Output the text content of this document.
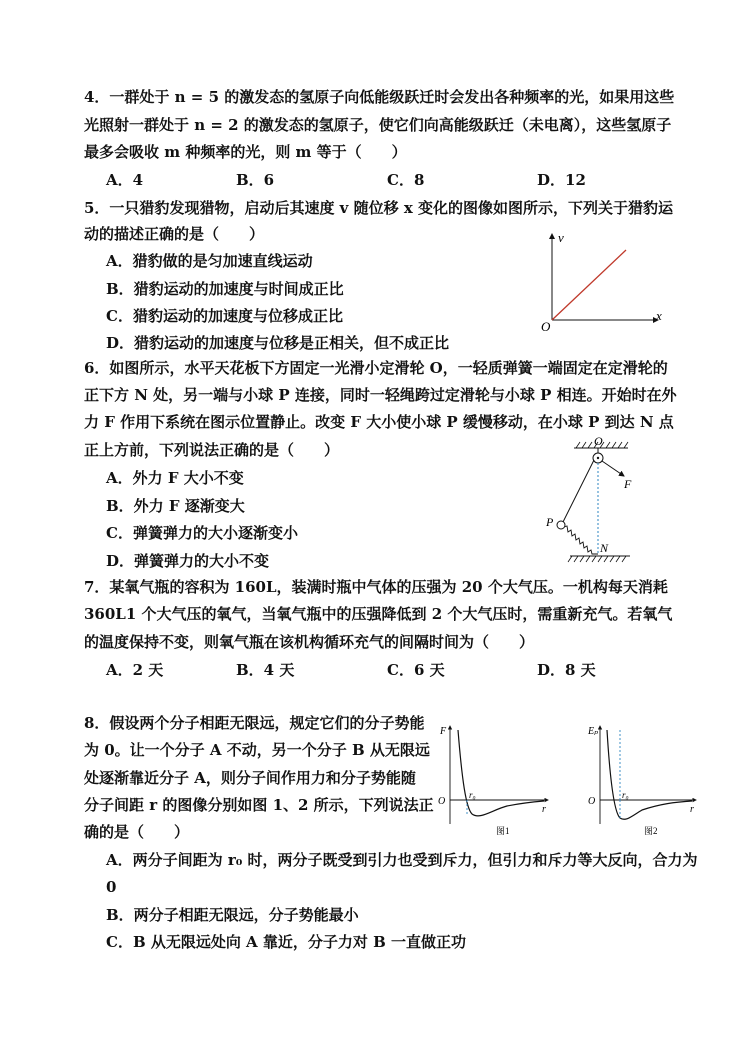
4．一群处于 n = 5 的激发态的氢原子向低能级跃迁时会发出各种频率的光，如果用这些
光照射一群处于 n = 2 的激发态的氢原子，使它们向高能级跃迁（未电离），这些氢原子
最多会吸收 m 种频率的光，则 m 等于（　　）
A．4	B．6	C．8	D．12
5．一只猎豹发现猎物，启动后其速度 v 随位移 x 变化的图像如图所示，下列关于猎豹运
动的描述正确的是（　　）
A．猎豹做的是匀加速直线运动
B．猎豹运动的加速度与时间成正比
C．猎豹运动的加速度与位移成正比
D．猎豹运动的加速度与位移是正相关，但不成正比
v
x
O
6．如图所示，水平天花板下方固定一光滑小定滑轮 O，一轻质弹簧一端固定在定滑轮的
正下方 N 处，另一端与小球 P 连接，同时一轻绳跨过定滑轮与小球 P 相连。开始时在外
力 F 作用下系统在图示位置静止。改变 F 大小使小球 P 缓慢移动，在小球 P 到达 N 点
正上方前，下列说法正确的是（　　）
A．外力 F 大小不变
B．外力 F 逐渐变大
C．弹簧弹力的大小逐渐变小
D．弹簧弹力的大小不变
O
F
P
N
7．某氧气瓶的容积为 160L，装满时瓶中气体的压强为 20 个大气压。一机构每天消耗
360L1 个大气压的氧气，当氧气瓶中的压强降低到 2 个大气压时，需重新充气。若氧气
的温度保持不变，则氧气瓶在该机构循环充气的间隔时间为（　　）
A．2 天	B．4 天	C．6 天	D．8 天
8．假设两个分子相距无限远，规定它们的分子势能
为 0。让一个分子 A 不动，另一个分子 B 从无限远
处逐渐靠近分子 A，则分子间作用力和分子势能随
分子间距 r 的图像分别如图 1、2 所示，下列说法正
确的是（　　）
A．两分子间距为 r₀ 时，两分子既受到引力也受到斥力，但引力和斥力等大反向，合力为
0
B．两分子相距无限远，分子势能最小
C．B 从无限远处向 A 靠近，分子力对 B 一直做正功
F
O
r₀
r
图1
Eₚ
O
r₀
r
图2
